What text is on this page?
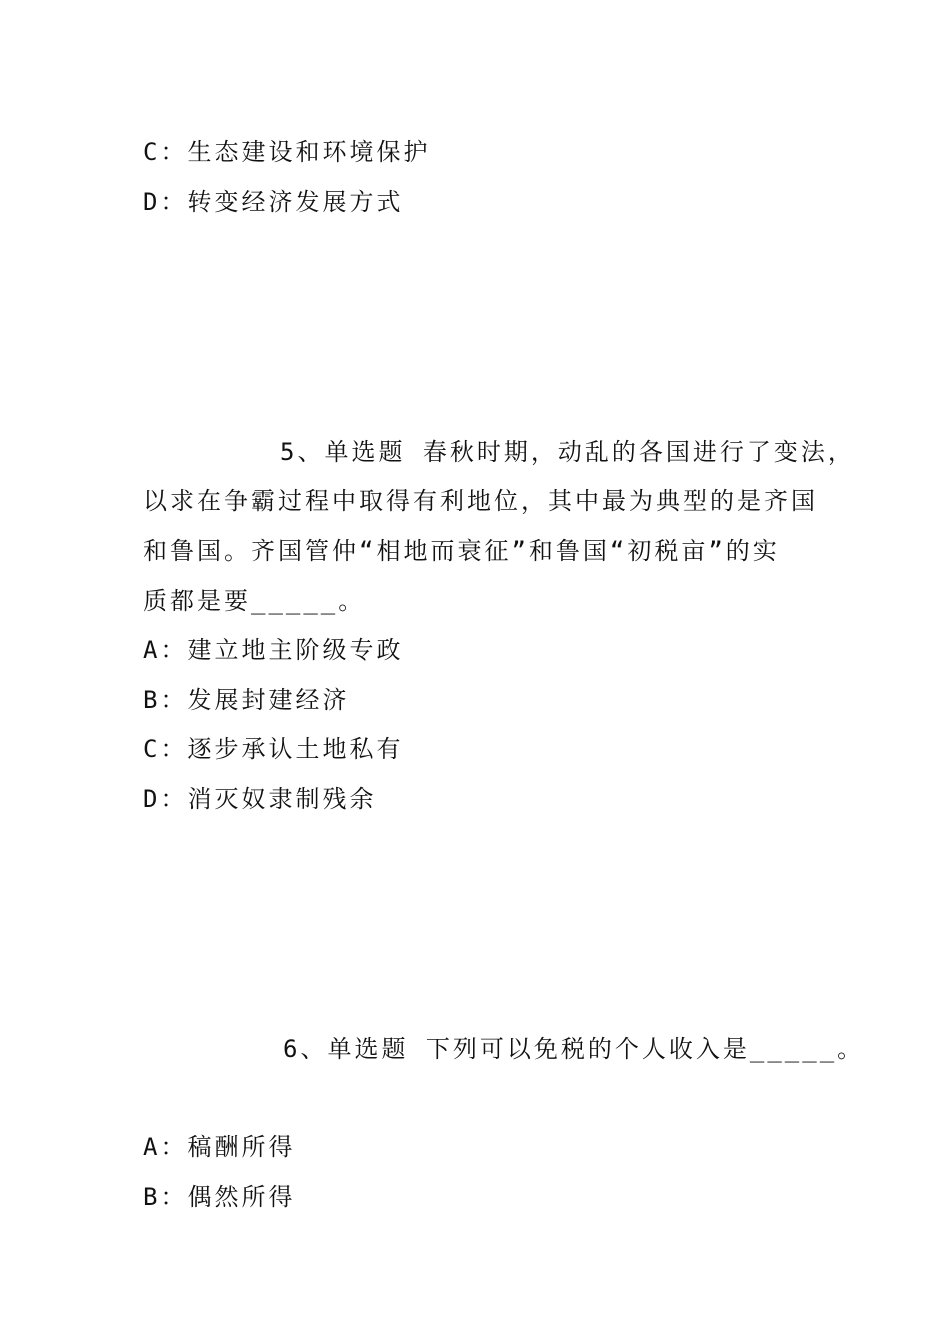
C：生态建设和环境保护
D：转变经济发展方式
5、单选题 春秋时期，动乱的各国进行了变法，
以求在争霸过程中取得有利地位，其中最为典型的是齐国
和鲁国。齐国管仲“相地而衰征”和鲁国“初税亩”的实
质都是要_____。
A：建立地主阶级专政
B：发展封建经济
C：逐步承认土地私有
D：消灭奴隶制残余
6、单选题 下列可以免税的个人收入是_____。
A：稿酬所得
B：偶然所得
